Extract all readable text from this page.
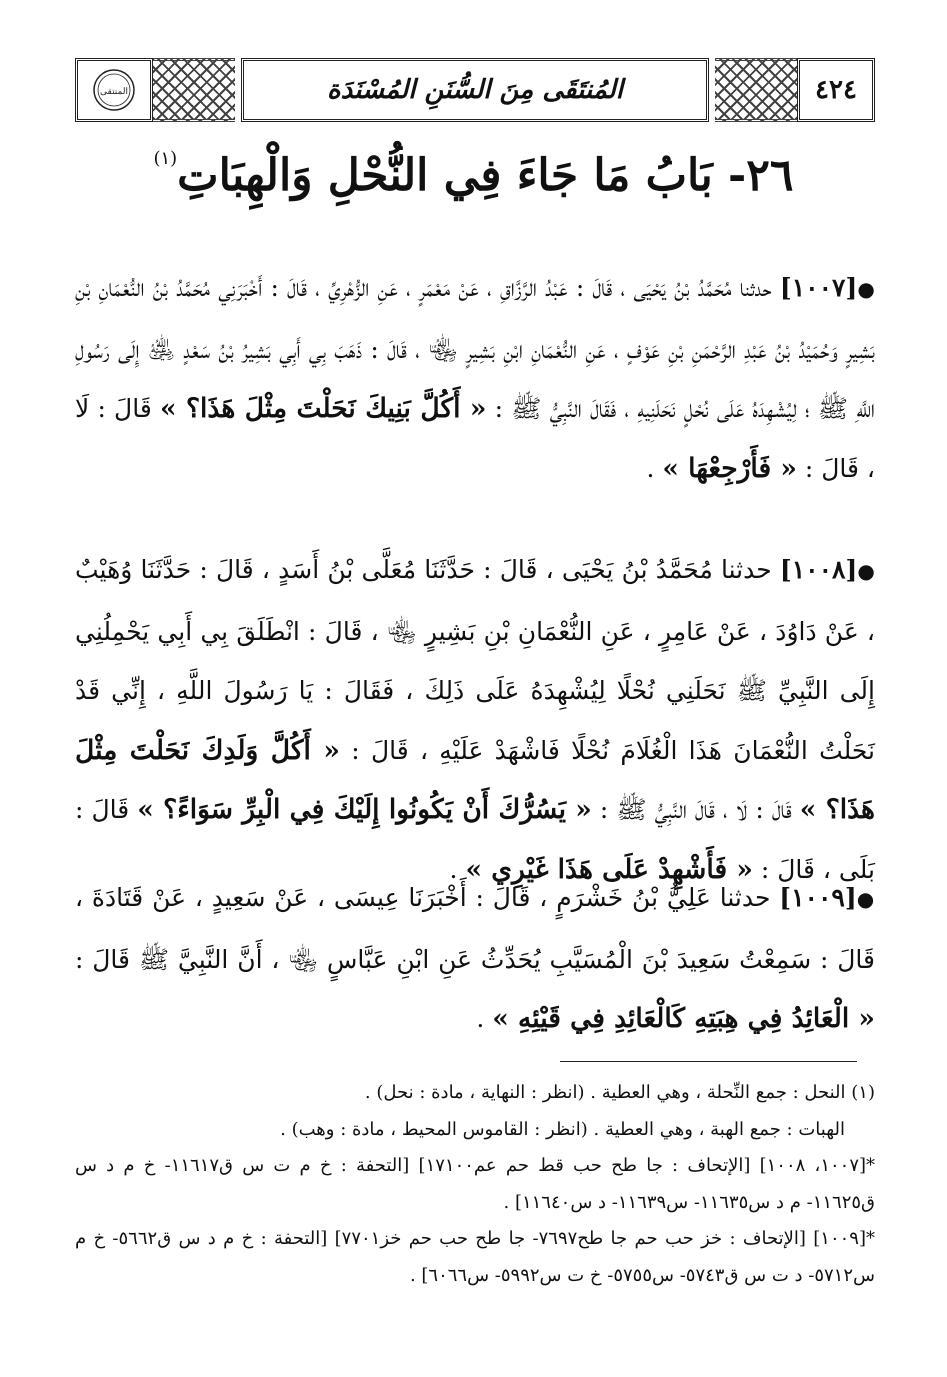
٤٢٤
المُنتَقَى مِنَ السُّنَنِ المُسْنَدَة
المنتقى
٢٦- بَابُ مَا جَاءَ فِي النُّحْلِ وَالْهِبَاتِ$^{(١)}$

●[١٠٠٧] حدثنا مُحَمَّدُ بْنُ يَحْيَى ، قَالَ : عَبْدُ الرَّزَّاقِ ، عَنْ مَعْمَرٍ ، عَنِ الزُّهْرِيِّ ، قَالَ : أَخْبَرَنِي مُحَمَّدُ بْنُ النُّعْمَانِ بْنِ بَشِيرٍ وَحُمَيْدُ بْنُ عَبْدِ الرَّحْمَنِ بْنِ عَوْفٍ ، عَنِ النُّعْمَانِ ابْنِ بَشِيرٍ ﵄ ، قَالَ : ذَهَبَ بِي أَبِي بَشِيرُ بْنُ سَعْدٍ ﵁ إِلَى رَسُولِ اللَّهِ ﷺ ؛ لِيُشْهِدَهُ عَلَى نُحْلٍ نَحَلَنِيهِ ، فَقَالَ النَّبِيُّ ﷺ : « أَكُلَّ بَنِيكَ نَحَلْتَ مِثْلَ هَذَا؟ » قَالَ : لَا ، قَالَ : « فَأَرْجِعْهَا » .

●[١٠٠٨] حدثنا مُحَمَّدُ بْنُ يَحْيَى ، قَالَ : حَدَّثَنَا مُعَلَّى بْنُ أَسَدٍ ، قَالَ : حَدَّثَنَا وُهَيْبٌ ، عَنْ دَاوُدَ ، عَنْ عَامِرٍ ، عَنِ النُّعْمَانِ بْنِ بَشِيرٍ ﵄ ، قَالَ : انْطَلَقَ بِي أَبِي يَحْمِلُنِي إِلَى النَّبِيِّ ﷺ نَحَلَنِي نُحْلًا لِيُشْهِدَهُ عَلَى ذَلِكَ ، فَقَالَ : يَا رَسُولَ اللَّهِ ، إِنِّي قَدْ نَحَلْتُ النُّعْمَانَ هَذَا الْغُلَامَ نُحْلًا فَاشْهَدْ عَلَيْهِ ، قَالَ : « أَكُلَّ وَلَدِكَ نَحَلْتَ مِثْلَ هَذَا؟ » قَالَ : لَا ، قَالَ النَّبِيُّ ﷺ : « يَسُرُّكَ أَنْ يَكُونُوا إِلَيْكَ فِي الْبِرِّ سَوَاءً؟ » قَالَ : بَلَى ، قَالَ : « فَأَشْهِدْ عَلَى هَذَا غَيْرِي » .

●[١٠٠٩] حدثنا عَلِيُّ بْنُ خَشْرَمٍ ، قَالَ : أَخْبَرَنَا عِيسَى ، عَنْ سَعِيدٍ ، عَنْ قَتَادَةَ ، قَالَ : سَمِعْتُ سَعِيدَ بْنَ الْمُسَيَّبِ يُحَدِّثُ عَنِ ابْنِ عَبَّاسٍ ﵄ ، أَنَّ النَّبِيَّ ﷺ قَالَ : « الْعَائِدُ فِي هِبَتِهِ كَالْعَائِدِ فِي قَيْئِهِ » .

(١) النحل : جمع النِّحلة ، وهي العطية . (انظر : النهاية ، مادة : نحل) .

الهبات : جمع الهبة ، وهي العطية . (انظر : القاموس المحيط ، مادة : وهب) .

*[١٠٠٧، ١٠٠٨] [الإتحاف : جا طح حب قط حم عم١٧١٠٠] [التحفة : خ م ت س ق١١٦١٧- خ م د س ق١١٦٢٥- م د س١١٦٣٥- س١١٦٣٩- د س١١٦٤٠] .

*[١٠٠٩] [الإتحاف : خز حب حم جا طح٧٦٩٧- جا طح حب حم خز٧٧٠١] [التحفة : خ م د س ق٥٦٦٢- خ م س٥٧١٢- د ت س ق٥٧٤٣- س٥٧٥٥- خ ت س٥٩٩٢- س٦٠٦٦] .
